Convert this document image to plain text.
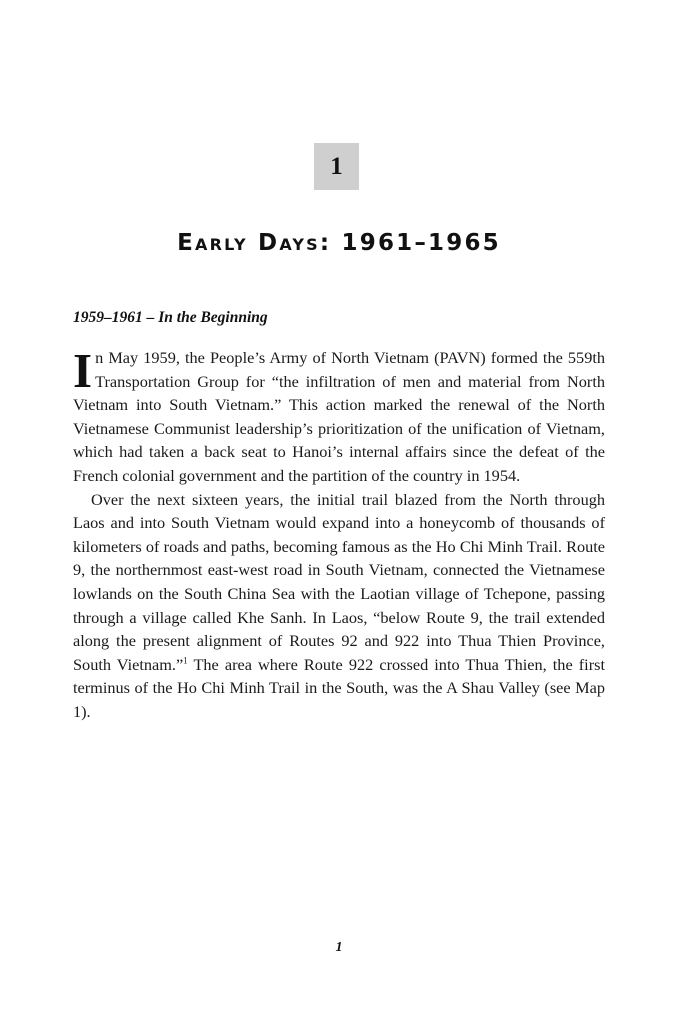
1
Early Days: 1961–1965
1959–1961 – In the Beginning

In May 1959, the People’s Army of North Vietnam (PAVN) formed the 559th Transportation Group for “the infiltration of men and material from North Vietnam into South Vietnam.” This action marked the renewal of the North Vietnamese Communist leadership’s prioritization of the unification of Vietnam, which had taken a back seat to Hanoi’s internal affairs since the defeat of the French colonial government and the partition of the country in 1954.

Over the next sixteen years, the initial trail blazed from the North through Laos and into South Vietnam would expand into a honeycomb of thousands of kilometers of roads and paths, becoming famous as the Ho Chi Minh Trail. Route 9, the northernmost east-west road in South Vietnam, connected the Vietnamese lowlands on the South China Sea with the Laotian village of Tchepone, passing through a village called Khe Sanh. In Laos, “below Route 9, the trail extended along the present alignment of Routes 92 and 922 into Thua Thien Province, South Vietnam.”$^1$ The area where Route 922 crossed into Thua Thien, the first terminus of the Ho Chi Minh Trail in the South, was the A Shau Valley (see Map 1).

1
